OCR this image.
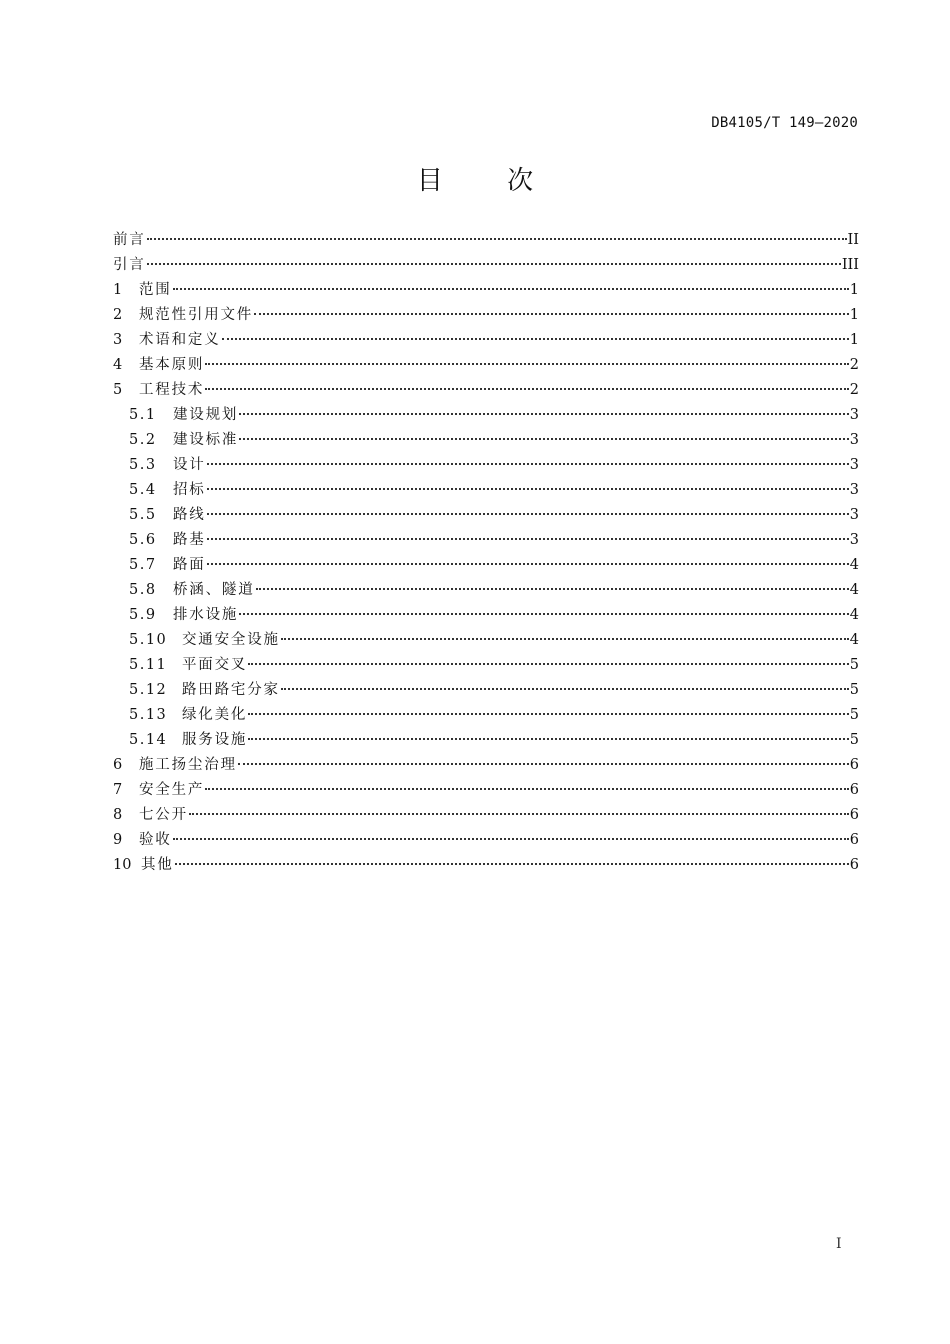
DB4105/T 149—2020
目 次
前言	II
引言	III
1	范围	1
2	规范性引用文件	1
3	术语和定义	1
4	基本原则	2
5	工程技术	2
5.1	建设规划	3
5.2	建设标准	3
5.3	设计	3
5.4	招标	3
5.5	路线	3
5.6	路基	3
5.7	路面	4
5.8	桥涵、隧道	4
5.9	排水设施	4
5.10	交通安全设施	4
5.11	平面交叉	5
5.12	路田路宅分家	5
5.13	绿化美化	5
5.14	服务设施	5
6	施工扬尘治理	6
7	安全生产	6
8	七公开	6
9	验收	6
10 其他	6
I
